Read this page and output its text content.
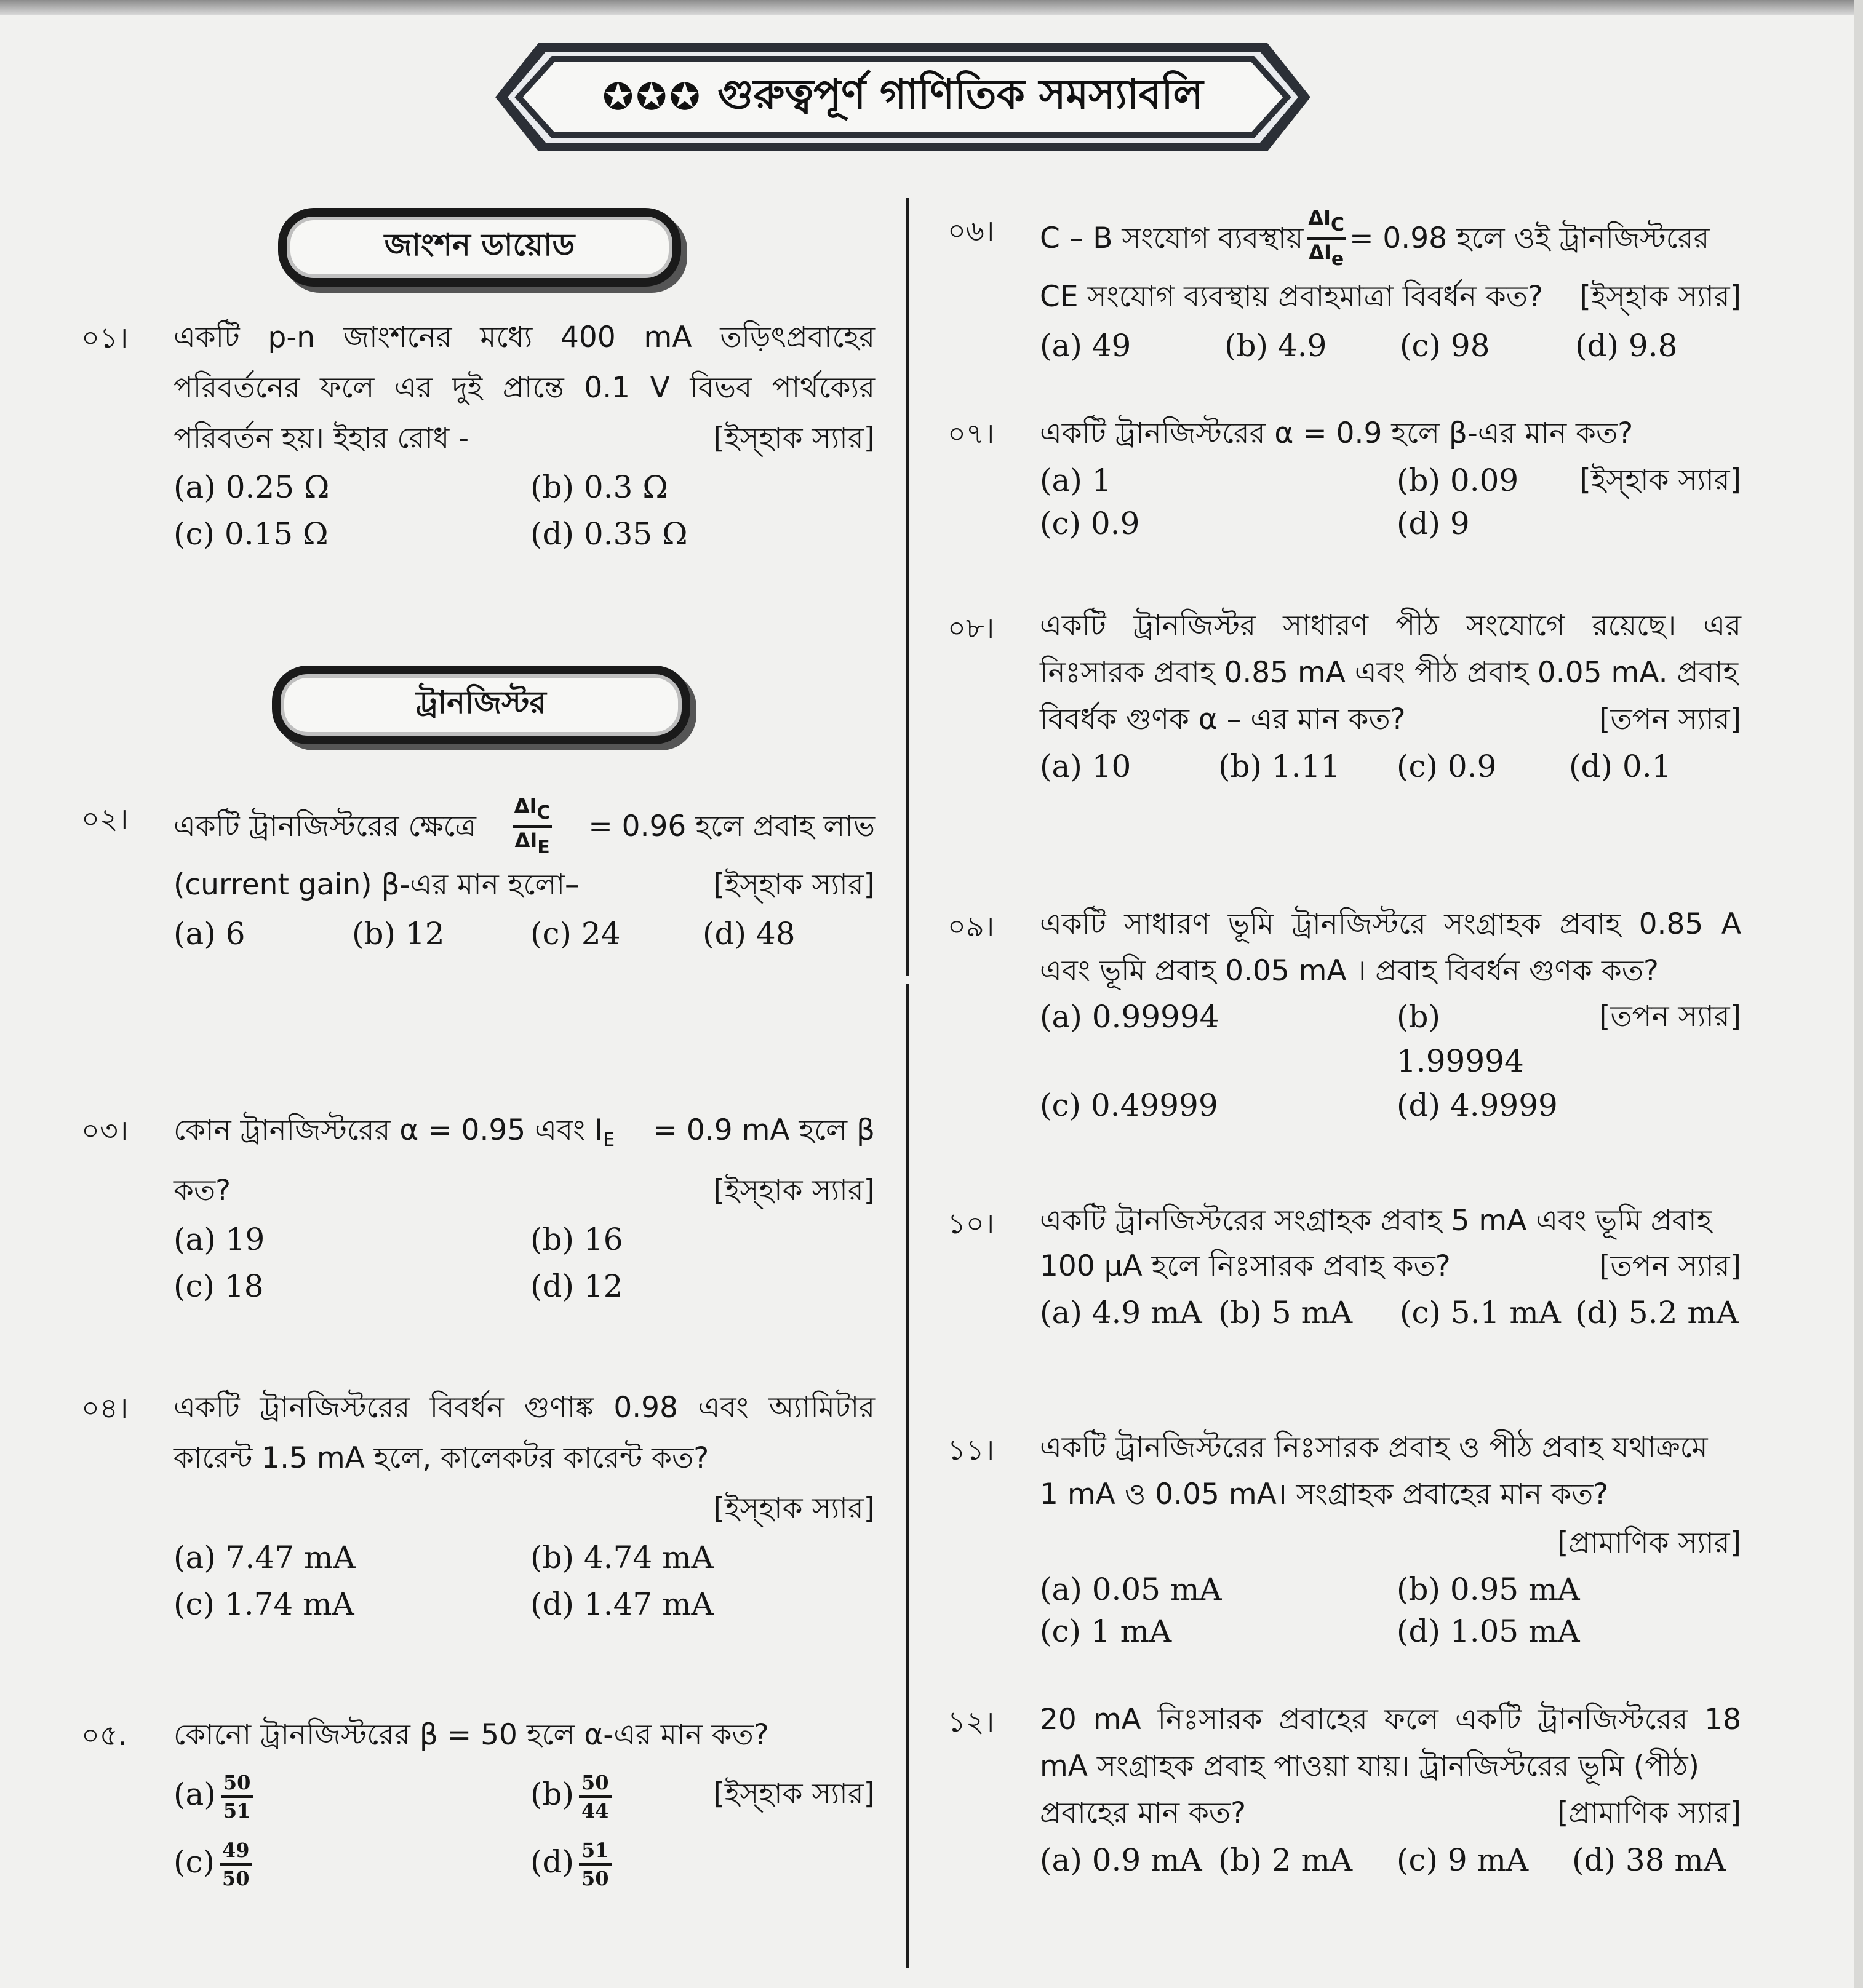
✪✪✪ গুরুত্বপূর্ণ গাণিতিক সমস্যাবলি
জাংশন ডায়োড
ট্রানজিস্টর
০১।	একটি p-n জাংশনের মধ্যে 400 mA তড়িৎপ্রবাহের পরিবর্তনের ফলে এর দুই প্রান্তে 0.1 V বিভব পার্থক্যের পরিবর্তন হয়। ইহার রোধ -	[ইস্হাক স্যার]
(a) 0.25 Ω	(b) 0.3 Ω
(c) 0.15 Ω	(d) 0.35 Ω
০২।	একটি ট্রানজিস্টরের ক্ষেত্রে $\frac{\text{ΔIC}}{\text{ΔIE}} = 0.96$ হলে প্রবাহ লাভ
(current gain) β-এর মান হলো–	[ইস্হাক স্যার]
(a) 6	(b) 12	(c) 24	(d) 48
০৩।	কোন ট্রানজিস্টরের α = 0.95 এবং $I_E = 0.9$ mA হলে β
কত?	[ইস্হাক স্যার]
(a) 19	(b) 16
(c) 18	(d) 12
০৪।	একটি ট্রানজিস্টরের বিবর্ধন গুণাঙ্ক 0.98 এবং অ্যামিটার
কারেন্ট 1.5 mA হলে, কালেকটর কারেন্ট কত?
[ইস্হাক স্যার]
(a) 7.47 mA	(b) 4.74 mA
(c) 1.74 mA	(d) 1.47 mA
০৫.	কোনো ট্রানজিস্টরের β = 50 হলে α-এর মান কত?
$(a) \frac{50}{51}$	$(b) \frac{50}{44}$	[ইস্হাক স্যার]
$(c) \frac{49}{50}$	$(d) \frac{51}{50}$
০৬।	C – B সংযোগ ব্যবস্থায় $\frac{\text{ΔIC}}{\text{ΔIe}} = 0.98$ হলে ওই ট্রানজিস্টরের
CE সংযোগ ব্যবস্থায় প্রবাহমাত্রা বিবর্ধন কত? [ইস্হাক স্যার]
(a) 49	(b) 4.9	(c) 98	(d) 9.8
০৭।	একটি ট্রানজিস্টরের α = 0.9 হলে β-এর মান কত?
(a) 1	(b) 0.09	[ইস্হাক স্যার]
(c) 0.9	(d) 9
০৮।	একটি ট্রানজিস্টর সাধারণ পীঠ সংযোগে রয়েছে। এর নিঃসারক প্রবাহ 0.85 mA এবং পীঠ প্রবাহ 0.05 mA. প্রবাহ
বিবর্ধক গুণক α – এর মান কত?	[তপন স্যার]
(a) 10	(b) 1.11	(c) 0.9	(d) 0.1
০৯।	একটি সাধারণ ভূমি ট্রানজিস্টরে সংগ্রাহক প্রবাহ 0.85 A
এবং ভূমি প্রবাহ 0.05 mA । প্রবাহ বিবর্ধন গুণক কত?
(a) 0.99994	(b) 1.99994
[তপন স্যার]
(c) 0.49999	(d) 4.9999
১০।	একটি ট্রানজিস্টরের সংগ্রাহক প্রবাহ 5 mA এবং ভূমি প্রবাহ
100 μA হলে নিঃসারক প্রবাহ কত?	[তপন স্যার]
(a) 4.9 mA (b) 5 mA	(c) 5.1 mA (d) 5.2 mA
১১।	একটি ট্রানজিস্টরের নিঃসারক প্রবাহ ও পীঠ প্রবাহ যথাক্রমে
1 mA ও 0.05 mA। সংগ্রাহক প্রবাহের মান কত?
[প্রামাণিক স্যার]
(a) 0.05 mA	(b) 0.95 mA
(c) 1 mA	(d) 1.05 mA
১২।	20 mA নিঃসারক প্রবাহের ফলে একটি ট্রানজিস্টরের 18 mA সংগ্রাহক প্রবাহ পাওয়া যায়। ট্রানজিস্টরের ভূমি (পীঠ)
প্রবাহের মান কত?	[প্রামাণিক স্যার]
(a) 0.9 mA (b) 2 mA	(c) 9 mA	(d) 38 mA
